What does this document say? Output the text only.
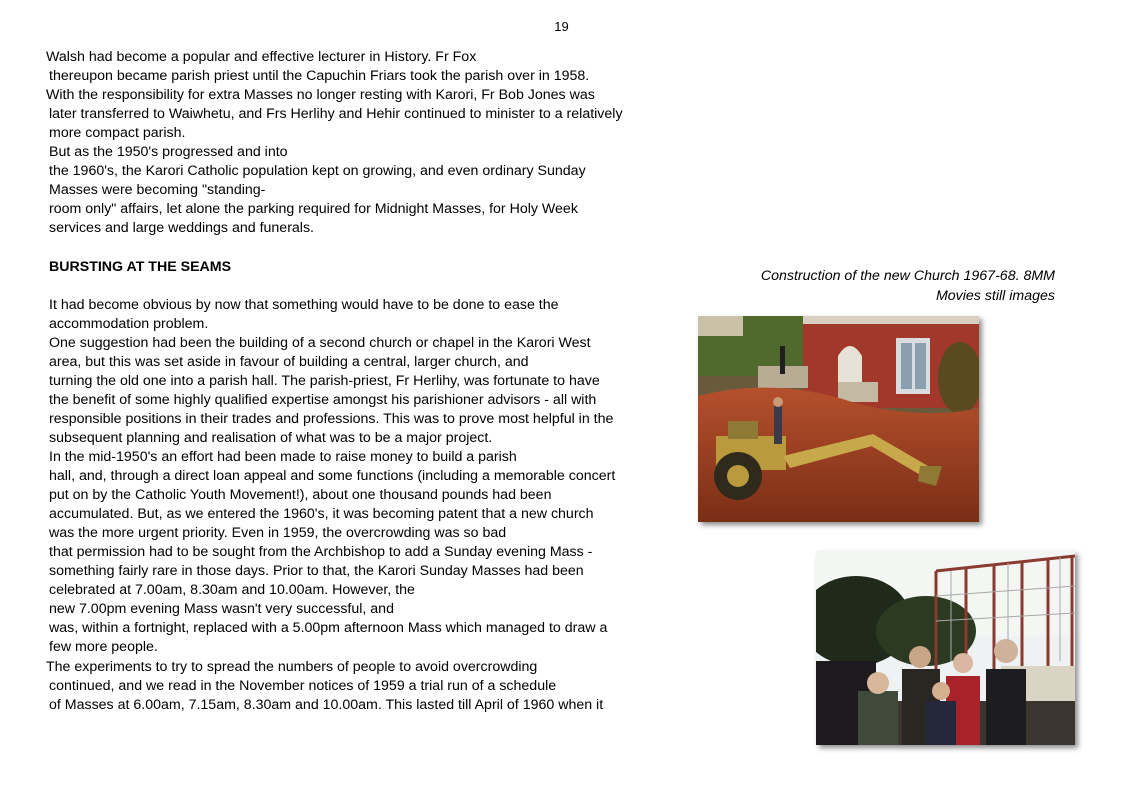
19
Walsh had become a popular and effective lecturer in History. Fr Fox
thereupon became parish priest until the Capuchin Friars took the parish over in 1958.
With the responsibility for extra Masses no longer resting with Karori, Fr Bob Jones was
later transferred to Waiwhetu, and Frs Herlihy and Hehir continued to minister to a relatively
more compact parish.
But as the 1950's progressed and into
the 1960's, the Karori Catholic population kept on growing, and even ordinary Sunday
Masses were becoming "standing-
room only" affairs, let alone the parking required for Midnight Masses, for Holy Week
services and large weddings and funerals.
BURSTING AT THE SEAMS
It had become obvious by now that something would have to be done to ease the
accommodation problem.
One suggestion had been the building of a second church or chapel in the Karori West
area, but this was set aside in favour of building a central, larger church, and
turning the old one into a parish hall. The parish-priest, Fr Herlihy, was fortunate to have
the benefit of some highly qualified expertise amongst his parishioner advisors - all with
responsible positions in their trades and professions. This was to prove most helpful in the
subsequent planning and realisation of what was to be a major project.
In the mid-1950's an effort had been made to raise money to build a parish
hall, and, through a direct loan appeal and some functions (including a memorable concert
put on by the Catholic Youth Movement!), about one thousand pounds had been
accumulated. But, as we entered the 1960's, it was becoming patent that a new church
was the more urgent priority. Even in 1959, the overcrowding was so bad
that permission had to be sought from the Archbishop to add a Sunday evening Mass -
something fairly rare in those days. Prior to that, the Karori Sunday Masses had been
celebrated at 7.00am, 8.30am and 10.00am. However, the
new 7.00pm evening Mass wasn't very successful, and
was, within a fortnight, replaced with a 5.00pm afternoon Mass which managed to draw a
few more people.
The experiments to try to spread the numbers of people to avoid overcrowding
continued, and we read in the November notices of 1959 a trial run of a schedule
of Masses at 6.00am, 7.15am, 8.30am and 10.00am. This lasted till April of 1960 when it
Construction of the new Church 1967-68. 8MM
Movies still images
